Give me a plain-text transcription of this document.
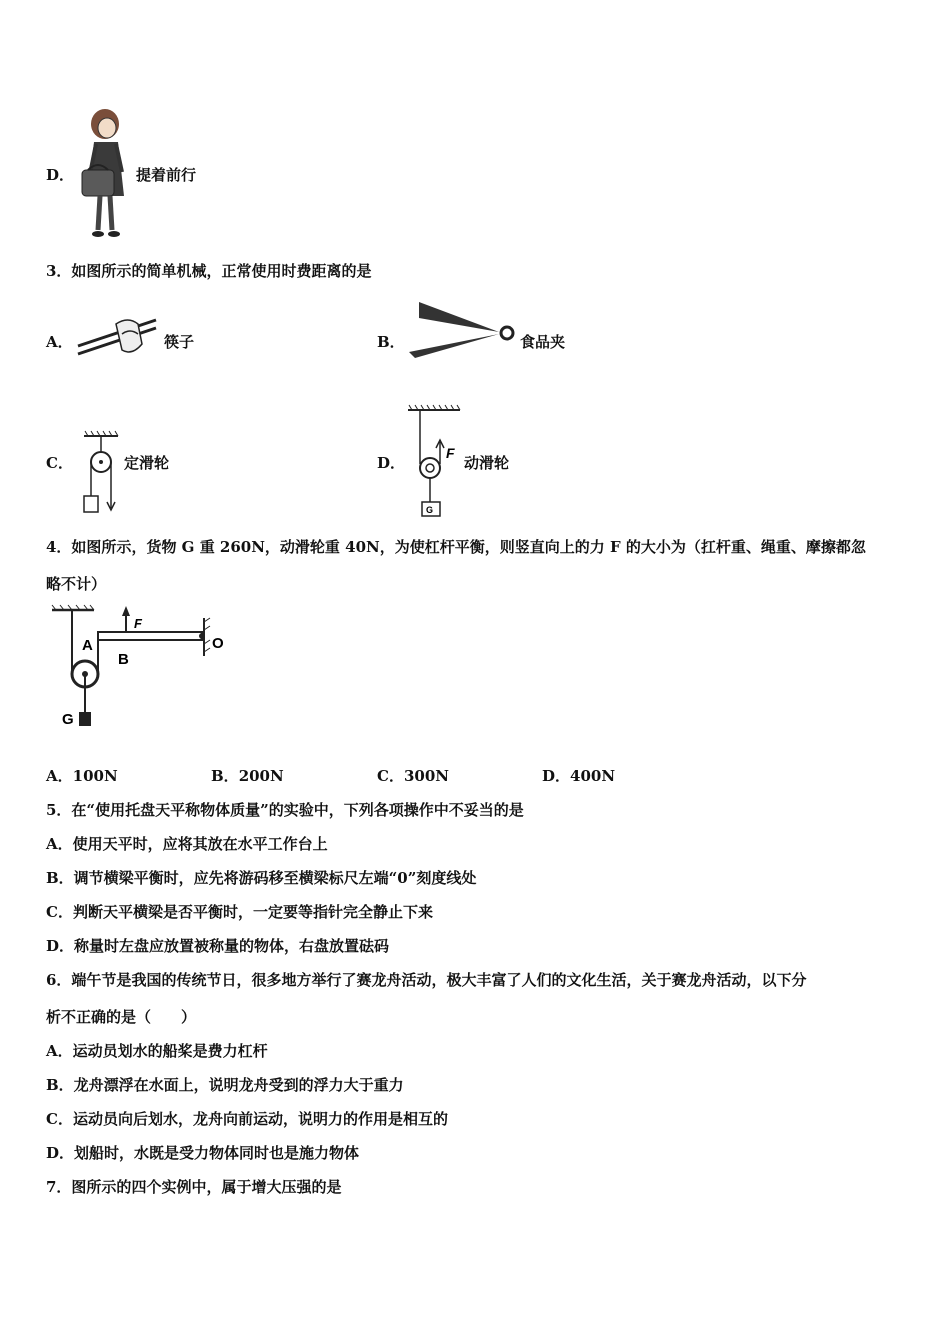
D．	提着前行
3．如图所示的简单机械，正常使用时费距离的是
A．	筷子	B．	食品夹
C．	定滑轮	D．
F
G
动滑轮
4．如图所示，货物 G 重 260N，动滑轮重 40N，为使杠杆平衡，则竖直向上的力 F 的大小为（扛杆重、绳重、摩擦都忽
略不计）
A
B
F
O
G
A．100N	B．200N	C．300N	D．400N
5．在“使用托盘天平称物体质量”的实验中，下列各项操作中不妥当的是
A．使用天平时，应将其放在水平工作台上
B．调节横梁平衡时，应先将游码移至横梁标尺左端“0”刻度线处
C．判断天平横梁是否平衡时，一定要等指针完全静止下来
D．称量时左盘应放置被称量的物体，右盘放置砝码
6．端午节是我国的传统节日，很多地方举行了赛龙舟活动，极大丰富了人们的文化生活，关于赛龙舟活动，以下分
析不正确的是（　　）
A．运动员划水的船桨是费力杠杆
B．龙舟漂浮在水面上，说明龙舟受到的浮力大于重力
C．运动员向后划水，龙舟向前运动，说明力的作用是相互的
D．划船时，水既是受力物体同时也是施力物体
7．图所示的四个实例中，属于增大压强的是
